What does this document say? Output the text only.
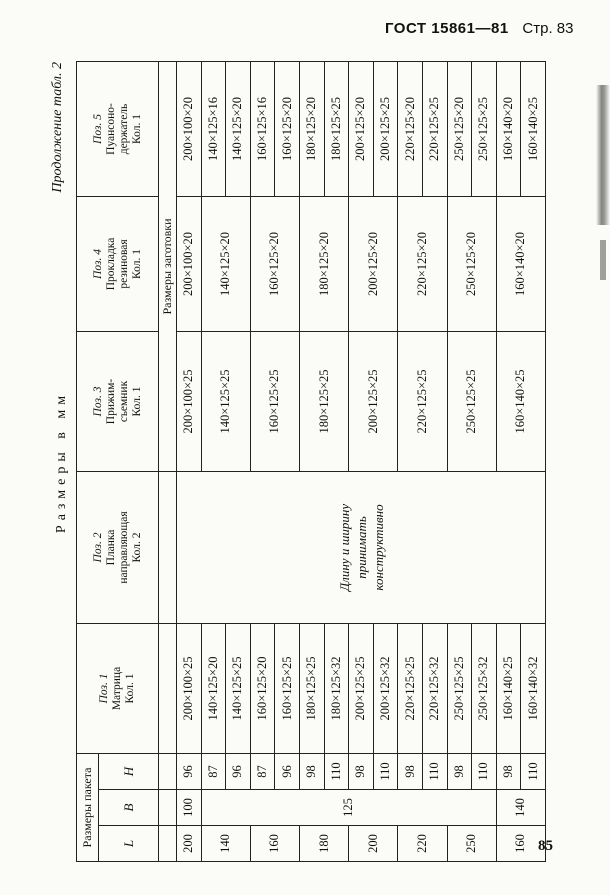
ГОСТ 15861—81 Стр. 83
Продолжение табл. 2
Размеры в мм
Размеры пакета			Поз. 1
Матрица
Кол. 1	Поз. 2
Планка
направляющая
Кол. 2	Поз. 3
Прижим-
съемник
Кол. 1	Поз. 4
Прокладка
резиновая
Кол. 1	Поз. 5
Пуансоно-
держатель
Кол. 1
L	B	H					
					Размеры заготовки		
200	100	96	200×100×25	Длину и ширину принимать конструктивно	200×100×25	200×100×20	200×100×20
140	125	87	140×125×20		140×125×25	140×125×20	140×125×16
		96	140×125×25				140×125×20
160		87	160×125×20		160×125×25	160×125×20	160×125×16
		96	160×125×25				160×125×20
180		98	180×125×25		180×125×25	180×125×20	180×125×20
		110	180×125×32				180×125×25
200		98	200×125×25		200×125×25	200×125×20	200×125×20
		110	200×125×32				200×125×25
220		98	220×125×25		220×125×25	220×125×20	220×125×20
		110	220×125×32				220×125×25
250		98	250×125×25		250×125×25	250×125×20	250×125×20
		110	250×125×32				250×125×25
160	140	98	160×140×25		160×140×25	160×140×20	160×140×20
		110	160×140×32				160×140×25
85
